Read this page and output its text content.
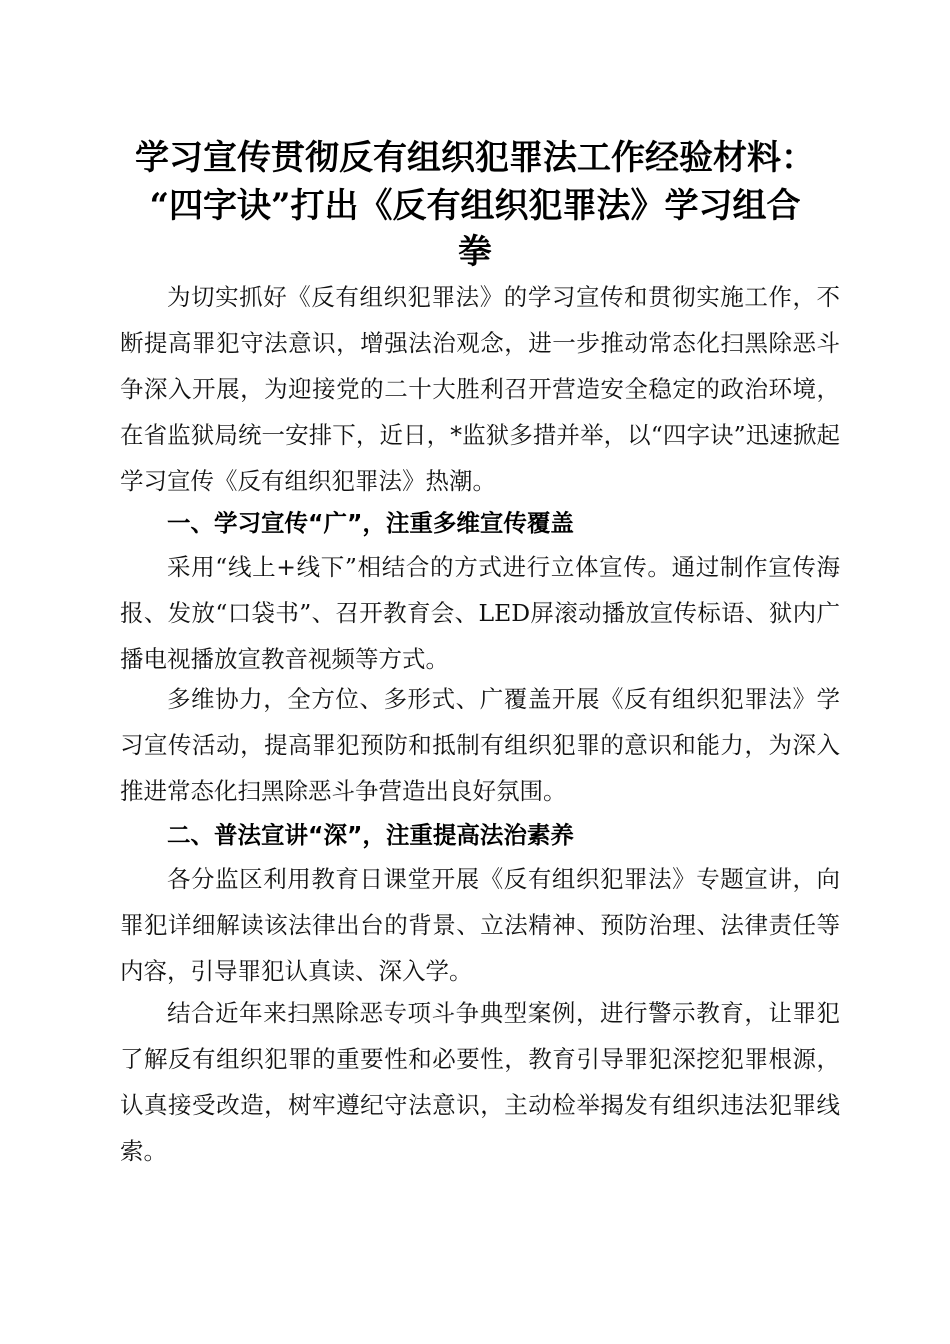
学习宣传贯彻反有组织犯罪法工作经验材料：
“四字诀”打出《反有组织犯罪法》学习组合
拳

为切实抓好《反有组织犯罪法》的学习宣传和贯彻实施工作，不断提高罪犯守法意识，增强法治观念，进一步推动常态化扫黑除恶斗争深入开展，为迎接党的二十大胜利召开营造安全稳定的政治环境，在省监狱局统一安排下，近日，*监狱多措并举，以“四字诀”迅速掀起学习宣传《反有组织犯罪法》热潮。

一、学习宣传“广”，注重多维宣传覆盖

采用“线上+线下”相结合的方式进行立体宣传。通过制作宣传海报、发放“口袋书”、召开教育会、LED屏滚动播放宣传标语、狱内广播电视播放宣教音视频等方式。

多维协力，全方位、多形式、广覆盖开展《反有组织犯罪法》学习宣传活动，提高罪犯预防和抵制有组织犯罪的意识和能力，为深入推进常态化扫黑除恶斗争营造出良好氛围。

二、普法宣讲“深”，注重提高法治素养

各分监区利用教育日课堂开展《反有组织犯罪法》专题宣讲，向罪犯详细解读该法律出台的背景、立法精神、预防治理、法律责任等内容，引导罪犯认真读、深入学。

结合近年来扫黑除恶专项斗争典型案例，进行警示教育，让罪犯了解反有组织犯罪的重要性和必要性，教育引导罪犯深挖犯罪根源，认真接受改造，树牢遵纪守法意识，主动检举揭发有组织违法犯罪线索。
